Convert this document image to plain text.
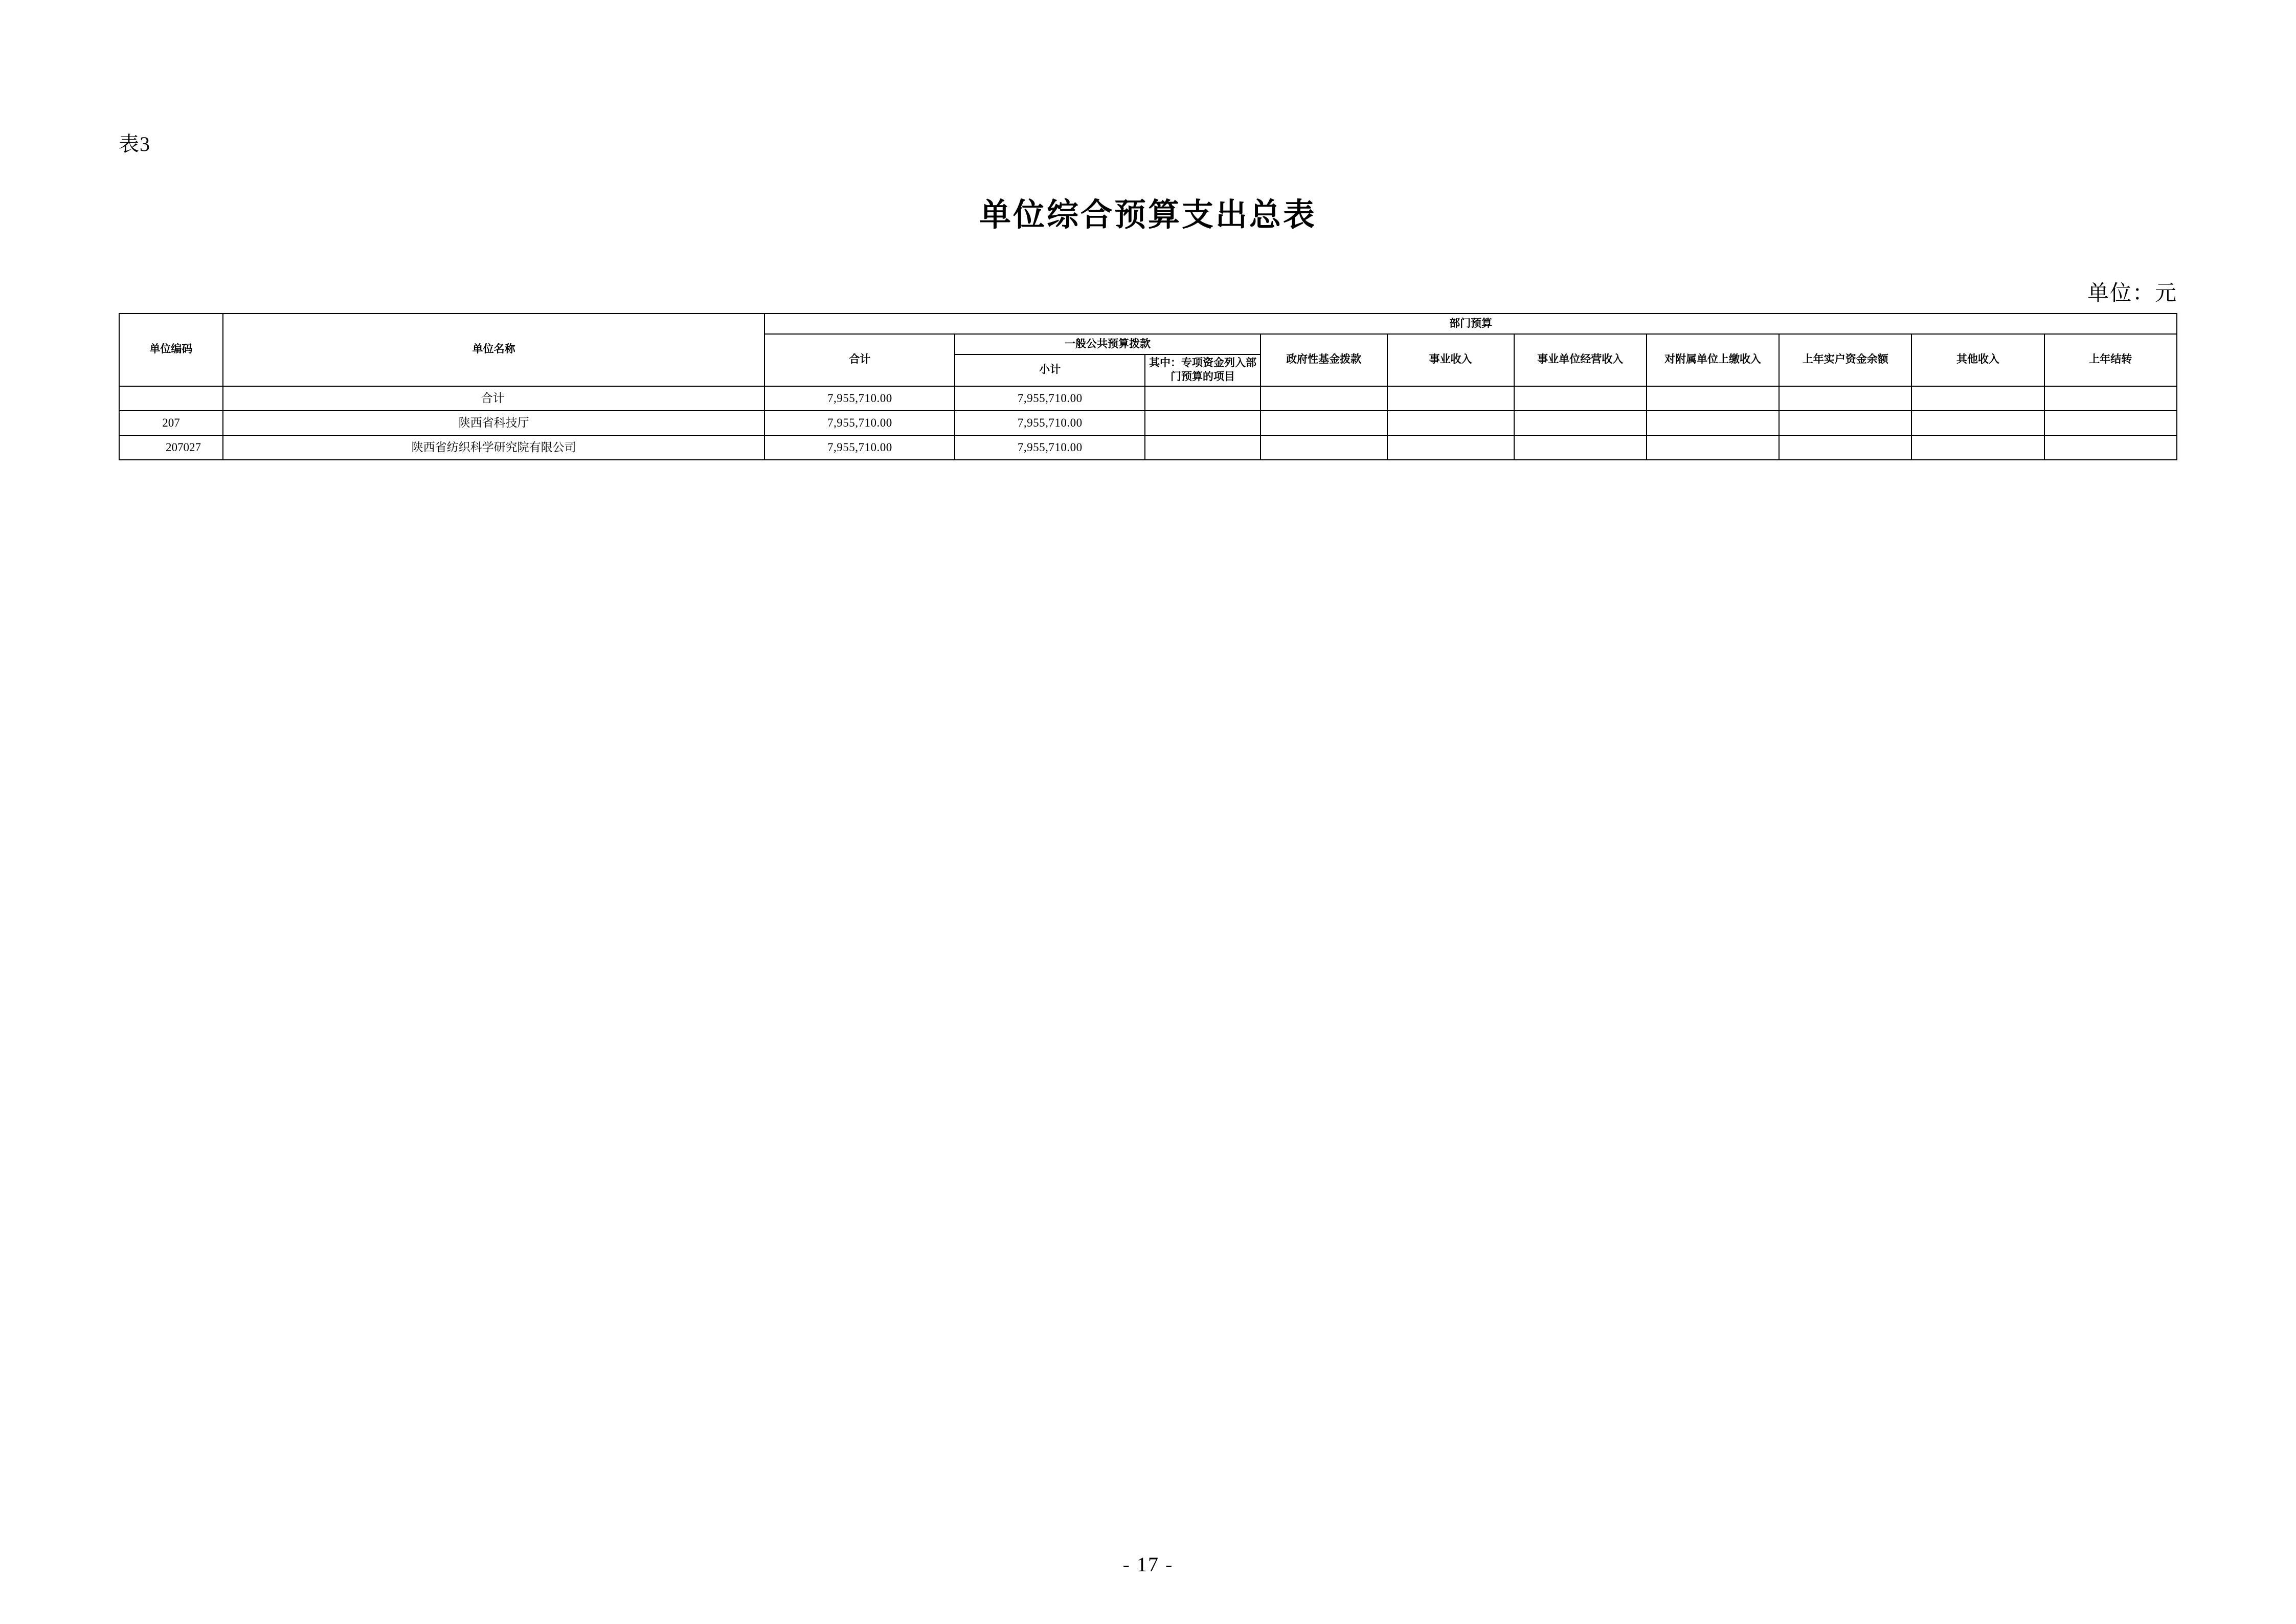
表3
单位综合预算支出总表
单位：元
单位编码	单位名称	部门预算									
		合计	一般公共预算拨款		政府性基金拨款	事业收入	事业单位经营收入	对附属单位上缴收入	上年实户资金余额	其他收入	上年结转
			小计	其中：专项资金列入部门预算的项目							
	合计	7,955,710.00	7,955,710.00								
207	陕西省科技厅	7,955,710.00	7,955,710.00								
207027	陕西省纺织科学研究院有限公司	7,955,710.00	7,955,710.00								
- 17 -
